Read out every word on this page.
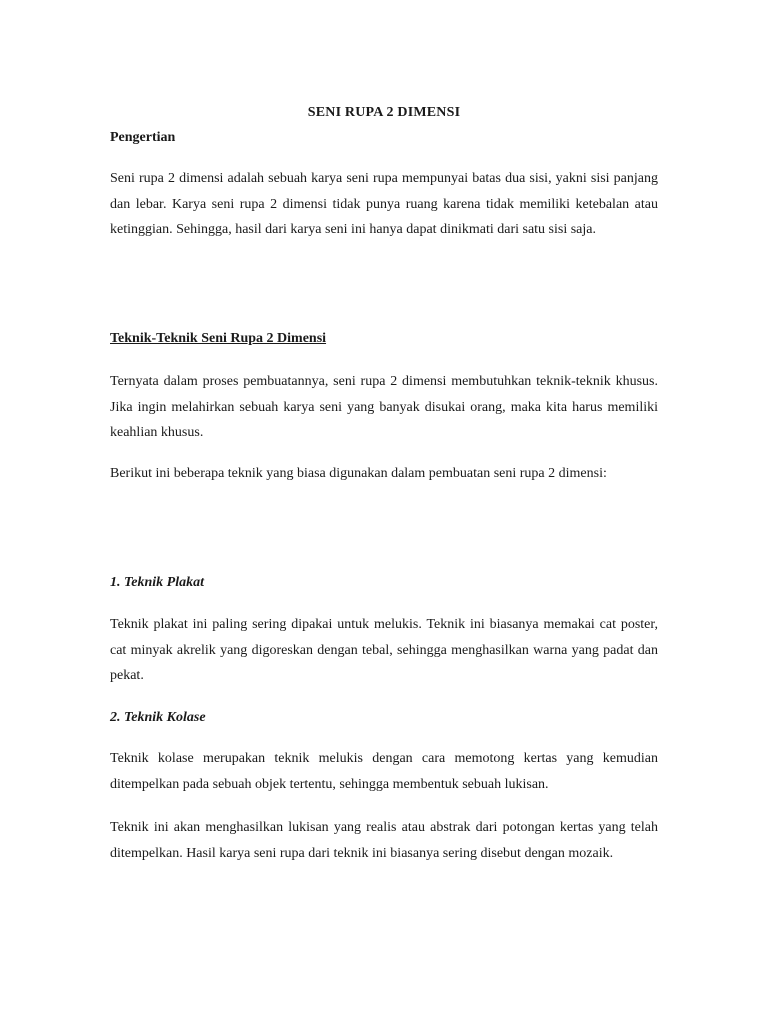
SENI RUPA 2 DIMENSI

Pengertian

Seni rupa 2 dimensi adalah sebuah karya seni rupa mempunyai batas dua sisi, yakni sisi panjang dan lebar. Karya seni rupa 2 dimensi tidak punya ruang karena tidak memiliki ketebalan atau ketinggian. Sehingga, hasil dari karya seni ini hanya dapat dinikmati dari satu sisi saja.

Teknik-Teknik Seni Rupa 2 Dimensi

Ternyata dalam proses pembuatannya, seni rupa 2 dimensi membutuhkan teknik-teknik khusus. Jika ingin melahirkan sebuah karya seni yang banyak disukai orang, maka kita harus memiliki keahlian khusus.

Berikut ini beberapa teknik yang biasa digunakan dalam pembuatan seni rupa 2 dimensi:

1. Teknik Plakat

Teknik plakat ini paling sering dipakai untuk melukis. Teknik ini biasanya memakai cat poster, cat minyak akrelik yang digoreskan dengan tebal, sehingga menghasilkan warna yang padat dan pekat.

2. Teknik Kolase

Teknik kolase merupakan teknik melukis dengan cara memotong kertas yang kemudian ditempelkan pada sebuah objek tertentu, sehingga membentuk sebuah lukisan.

Teknik ini akan menghasilkan lukisan yang realis atau abstrak dari potongan kertas yang telah ditempelkan. Hasil karya seni rupa dari teknik ini biasanya sering disebut dengan mozaik.
